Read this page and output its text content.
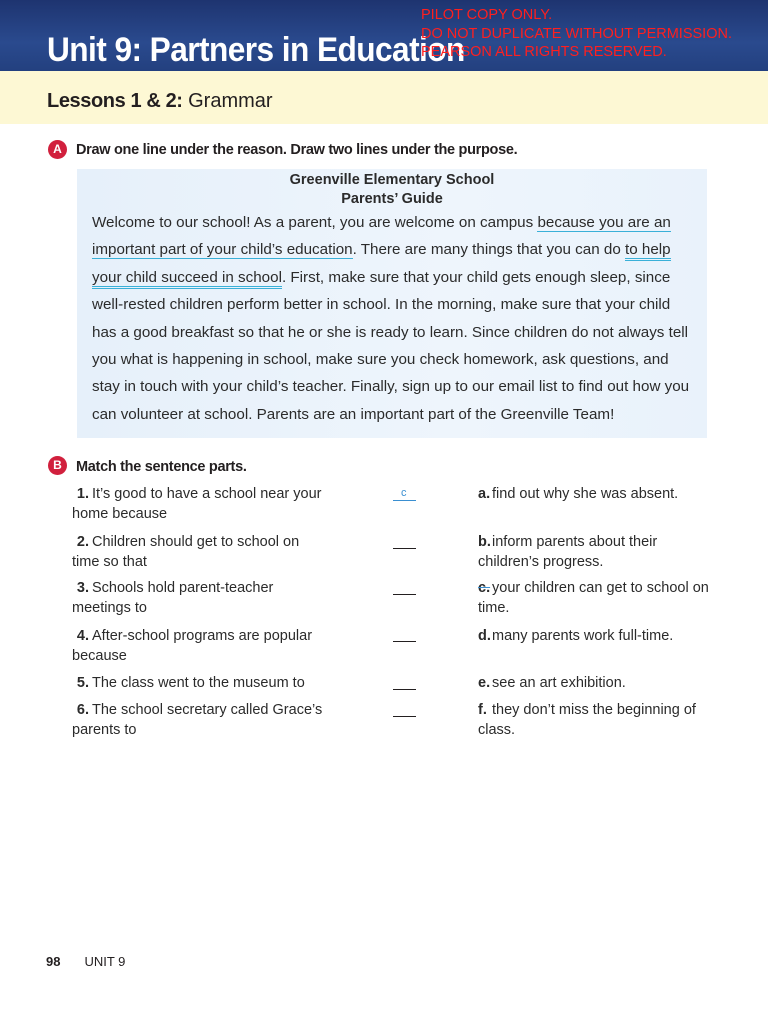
Unit 9: Partners in Education
PILOT COPY ONLY.
DO NOT DUPLICATE WITHOUT PERMISSION.
PEARSON ALL RIGHTS RESERVED.
Lessons 1 & 2: Grammar
A Draw one line under the reason. Draw two lines under the purpose.
Greenville Elementary School
Parents’ Guide

Welcome to our school! As a parent, you are welcome on campus because you are an important part of your child’s education. There are many things that you can do to help your child succeed in school. First, make sure that your child gets enough sleep, since well-rested children perform better in school. In the morning, make sure that your child has a good breakfast so that he or she is ready to learn. Since children do not always tell you what is happening in school, make sure you check homework, ask questions, and stay in touch with your child’s teacher. Finally, sign up to our email list to find out how you can volunteer at school. Parents are an important part of the Greenville Team!

B Match the sentence parts.
1. It’s good to have a school near your home because
2. Children should get to school on time so that
3. Schools hold parent-teacher meetings to
4. After-school programs are popular because
5. The class went to the museum to
6. The school secretary called Grace’s parents to
c	a. find out why she was absent.
b.inform parents about their children’s progress.
c. your children can get to school on time.
d.many parents work full-time.
e. see an art exhibition.
f. they don’t miss the beginning of class.
98 UNIT 9
